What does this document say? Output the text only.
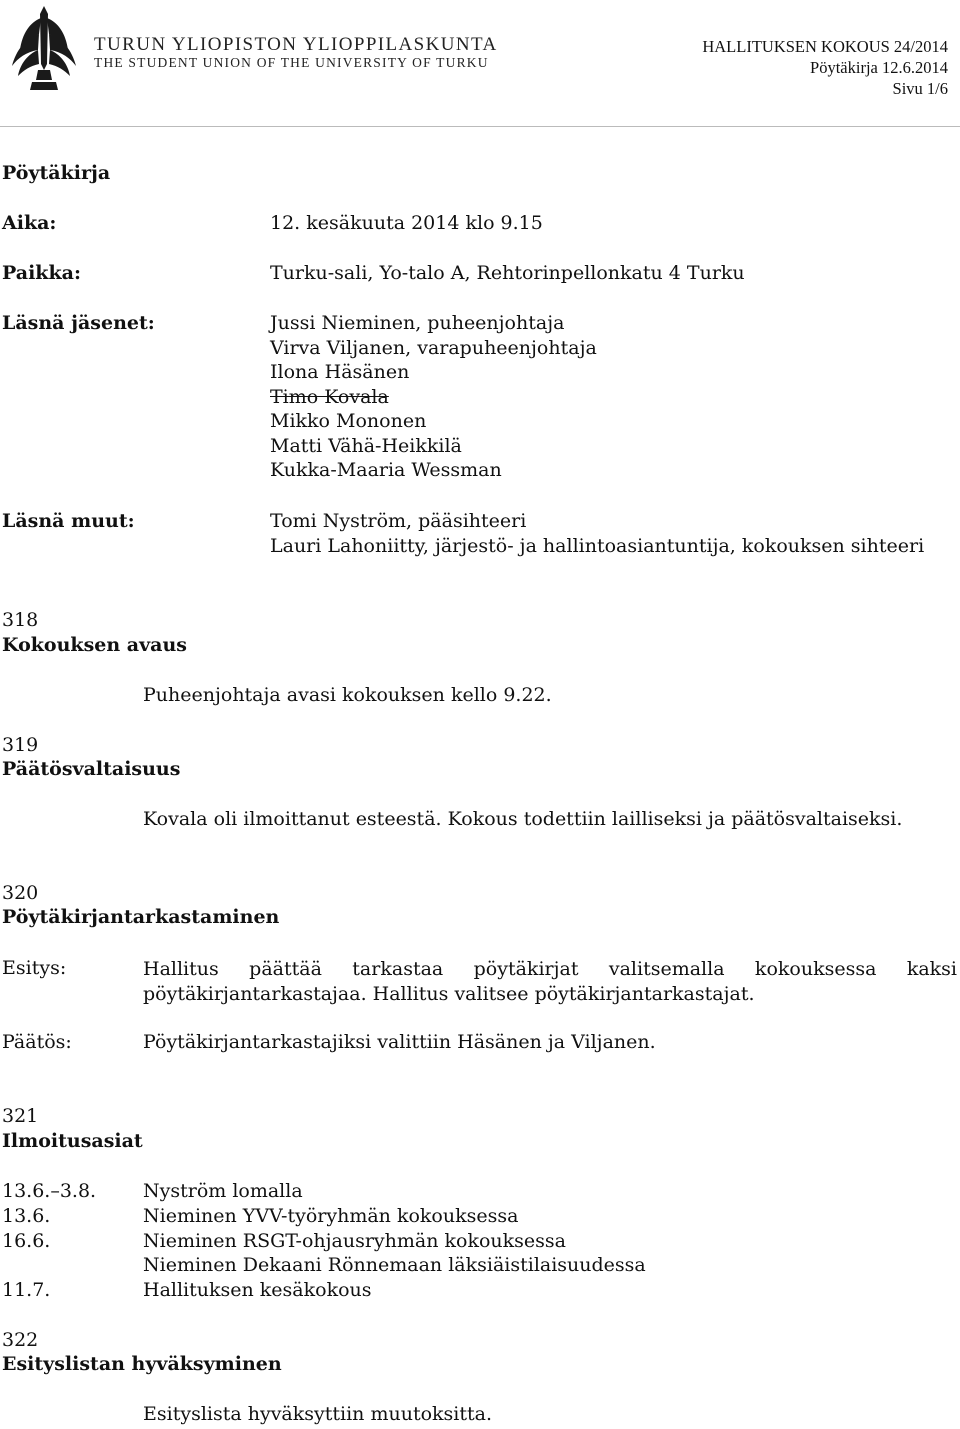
TURUN YLIOPISTON YLIOPPILASKUNTA
THE STUDENT UNION OF THE UNIVERSITY OF TURKU
HALLITUKSEN KOKOUS 24/2014
Pöytäkirja 12.6.2014
Sivu 1/6
Pöytäkirja
Aika:	12. kesäkuuta 2014 klo 9.15
Paikka:	Turku-sali, Yo-talo A, Rehtorinpellonkatu 4 Turku
Läsnä jäsenet:	Jussi Nieminen, puheenjohtaja
Virva Viljanen, varapuheenjohtaja
Ilona Häsänen
Timo Kovala
Mikko Mononen
Matti Vähä-Heikkilä
Kukka-Maaria Wessman
Läsnä muut:	Tomi Nyström, pääsihteeri
Lauri Lahoniitty, järjestö- ja hallintoasiantuntija, kokouksen sihteeri
318
Kokouksen avaus
Puheenjohtaja avasi kokouksen kello 9.22.
319
Päätösvaltaisuus
Kovala oli ilmoittanut esteestä. Kokous todettiin lailliseksi ja päätösvaltaiseksi.
320
Pöytäkirjantarkastaminen
Esitys:	Hallitus päättää tarkastaa pöytäkirjat valitsemalla kokouksessa kaksi pöytäkirjantarkastajaa. Hallitus valitsee pöytäkirjantarkastajat.
Päätös:	Pöytäkirjantarkastajiksi valittiin Häsänen ja Viljanen.
321
Ilmoitusasiat
13.6.–3.8. Nyström lomalla
13.6.	Nieminen YVV-työryhmän kokouksessa
16.6.	Nieminen RSGT-ohjausryhmän kokouksessa
Nieminen Dekaani Rönnemaan läksiäistilaisuudessa
11.7.	Hallituksen kesäkokous
322
Esityslistan hyväksyminen
Esityslista hyväksyttiin muutoksitta.
